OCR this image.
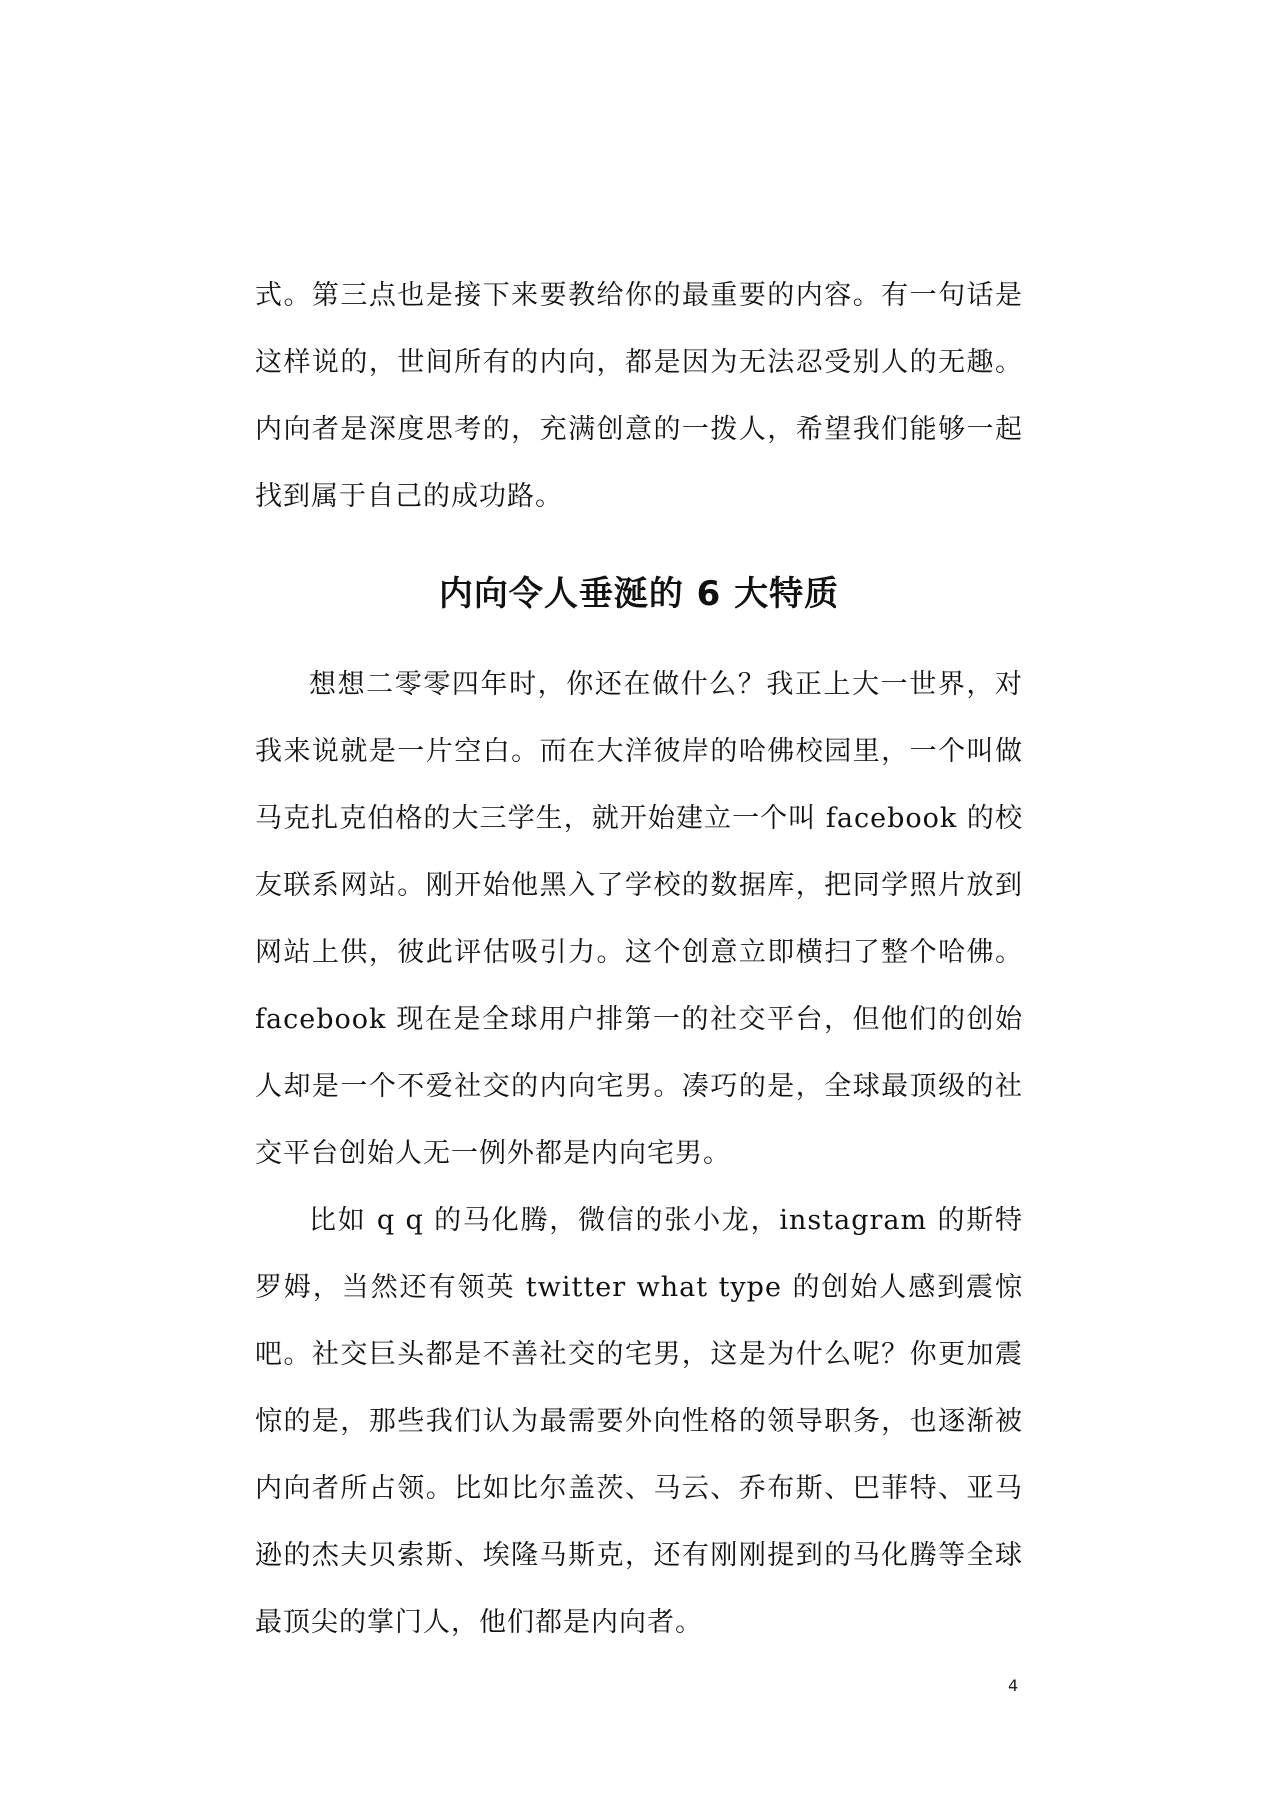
式。第三点也是接下来要教给你的最重要的内容。有一句话是这样说的，世间所有的内向，都是因为无法忍受别人的无趣。内向者是深度思考的，充满创意的一拨人，希望我们能够一起找到属于自己的成功路。

内向令人垂涎的 6 大特质

想想二零零四年时，你还在做什么？我正上大一世界，对我来说就是一片空白。而在大洋彼岸的哈佛校园里，一个叫做马克扎克伯格的大三学生，就开始建立一个叫 facebook 的校友联系网站。刚开始他黑入了学校的数据库，把同学照片放到网站上供，彼此评估吸引力。这个创意立即横扫了整个哈佛。facebook 现在是全球用户排第一的社交平台，但他们的创始人却是一个不爱社交的内向宅男。凑巧的是，全球最顶级的社交平台创始人无一例外都是内向宅男。

比如 q q 的马化腾，微信的张小龙，instagram 的斯特罗姆，当然还有领英 twitter what type 的创始人感到震惊吧。社交巨头都是不善社交的宅男，这是为什么呢？你更加震惊的是，那些我们认为最需要外向性格的领导职务，也逐渐被内向者所占领。比如比尔盖茨、马云、乔布斯、巴菲特、亚马逊的杰夫贝索斯、埃隆马斯克，还有刚刚提到的马化腾等全球最顶尖的掌门人，他们都是内向者。

4
